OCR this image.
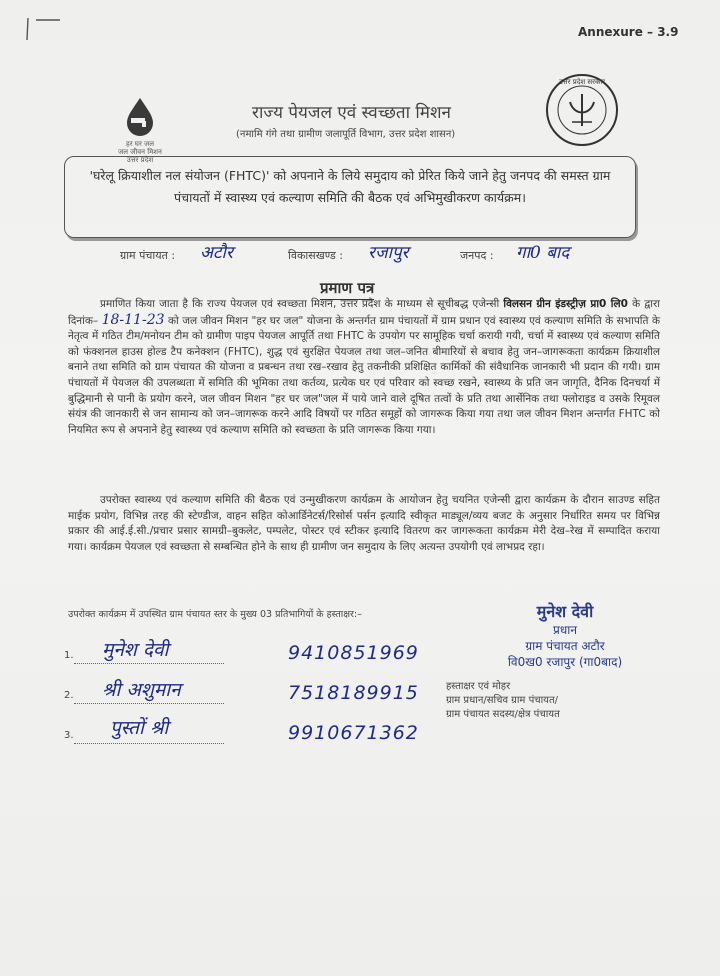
Annexure – 3.9
हर घर जल
जल जीवन मिशन
उत्तर प्रदेश
राज्य पेयजल एवं स्वच्छता मिशन
(नमामि गंगे तथा ग्रामीण जलापूर्ति विभाग, उत्तर प्रदेश शासन)
उत्तर प्रदेश सरकार
'घरेलू क्रियाशील नल संयोजन (FHTC)' को अपनाने के लिये समुदाय को प्रेरित किये जाने हेतु जनपद की समस्त ग्राम पंचायतों में स्वास्थ्य एवं कल्याण समिति की बैठक एवं अभिमुखीकरण कार्यक्रम।
ग्राम पंचायत : अटौर	विकासखण्ड : रजापुर	जनपद : गा0 बाद
प्रमाण पत्र
प्रमाणित किया जाता है कि राज्य पेयजल एवं स्वच्छता मिशन, उत्तर प्रदेश के माध्यम से सूचीबद्ध एजेन्सी विलसन ग्रीन इंडस्ट्रीज़ प्रा0 लि0 के द्वारा दिनांक– 18-11-23 को जल जीवन मिशन "हर घर जल" योजना के अन्तर्गत ग्राम पंचायतों में ग्राम प्रधान एवं स्वास्थ्य एवं कल्याण समिति के सभापति के नेतृत्व में गठित टीम/मनोयन टीम को ग्रामीण पाइप पेयजल आपूर्ति तथा FHTC के उपयोग पर सामूहिक चर्चा करायी गयी, चर्चा में स्वास्थ्य एवं कल्याण समिति को फंक्शनल हाउस होल्ड टैप कनेक्शन (FHTC), शुद्ध एवं सुरक्षित पेयजल तथा जल–जनित बीमारियों से बचाव हेतु जन–जागरूकता कार्यक्रम क्रियाशील बनाने तथा समिति को ग्राम पंचायत की योजना व प्रबन्धन तथा रख–रखाव हेतु तकनीकी प्रशिक्षित कार्मिकों की संवैधानिक जानकारी भी प्रदान की गयी। ग्राम पंचायतों में पेयजल की उपलब्धता में समिति की भूमिका तथा कर्तव्य, प्रत्येक घर एवं परिवार को स्वच्छ रखने, स्वास्थ्य के प्रति जन जागृति, दैनिक दिनचर्या में बुद्धिमानी से पानी के प्रयोग करने, जल जीवन मिशन "हर घर जल"जल में पाये जाने वाले दूषित तत्वों के प्रति तथा आर्सेनिक तथा फ्लोराइड व उसके रिमूवल संयंत्र की जानकारी से जन सामान्य को जन–जागरूक करने आदि विषयों पर गठित समूहों को जागरूक किया गया तथा जल जीवन मिशन अन्तर्गत FHTC को नियमित रूप से अपनाने हेतु स्वास्थ्य एवं कल्याण समिति को स्वच्छता के प्रति जागरूक किया गया।
उपरोक्त स्वास्थ्य एवं कल्याण समिति की बैठक एवं उन्मुखीकरण कार्यक्रम के आयोजन हेतु चयनित एजेन्सी द्वारा कार्यक्रम के दौरान साउण्ड सहित माईक प्रयोग, विभिन्न तरह की स्टेण्डीज, वाहन सहित कोआर्डिनेटर्स/रिसोर्स पर्सन इत्यादि स्वीकृत माड्यूल/व्यय बजट के अनुसार निर्धारित समय पर विभिन्न प्रकार की आई.ई.सी./प्रचार प्रसार सामग्री–बुकलेट, पम्पलेट, पोस्टर एवं स्टीकर इत्यादि वितरण कर जागरूकता कार्यक्रम मेरी देख–रेख में सम्पादित कराया गया। कार्यक्रम पेयजल एवं स्वच्छता से सम्बन्धित होने के साथ ही ग्रामीण जन समुदाय के लिए अत्यन्त उपयोगी एवं लाभप्रद रहा।
उपरोक्त कार्यक्रम में उपस्थित ग्राम पंचायत स्तर के मुख्य 03 प्रतिभागियों के हस्ताक्षर:–
1. मुनेश देवी	9410851969
2. श्री अशुमान	7518189915
3. पुस्तों श्री	9910671362
मुनेश देवी
प्रधान
ग्राम पंचायत अटौर
वि0ख0 रजापुर (गा0बाद)
हस्ताक्षर एवं मोहर
ग्राम प्रधान/सचिव ग्राम पंचायत/
ग्राम पंचायत सदस्य/क्षेत्र पंचायत
